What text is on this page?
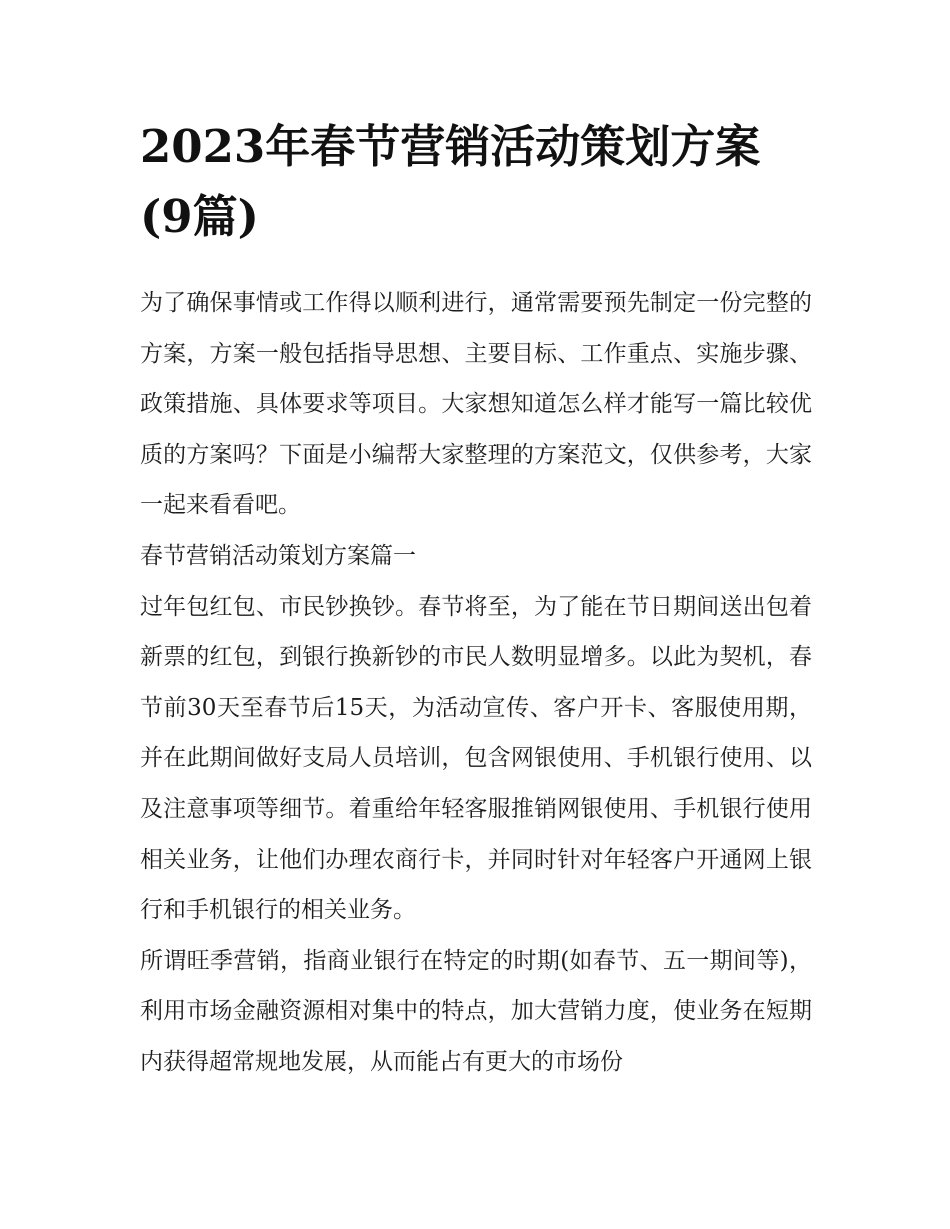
2023年春节营销活动策划方案(9篇)

为了确保事情或工作得以顺利进行，通常需要预先制定一份完整的方案，方案一般包括指导思想、主要目标、工作重点、实施步骤、政策措施、具体要求等项目。大家想知道怎么样才能写一篇比较优质的方案吗？下面是小编帮大家整理的方案范文，仅供参考，大家一起来看看吧。

春节营销活动策划方案篇一

过年包红包、市民钞换钞。春节将至，为了能在节日期间送出包着新票的红包，到银行换新钞的市民人数明显增多。以此为契机，春节前30天至春节后15天，为活动宣传、客户开卡、客服使用期，并在此期间做好支局人员培训，包含网银使用、手机银行使用、以及注意事项等细节。着重给年轻客服推销网银使用、手机银行使用相关业务，让他们办理农商行卡，并同时针对年轻客户开通网上银行和手机银行的相关业务。

所谓旺季营销，指商业银行在特定的时期(如春节、五一期间等)，利用市场金融资源相对集中的特点，加大营销力度，使业务在短期内获得超常规地发展，从而能占有更大的市场份
